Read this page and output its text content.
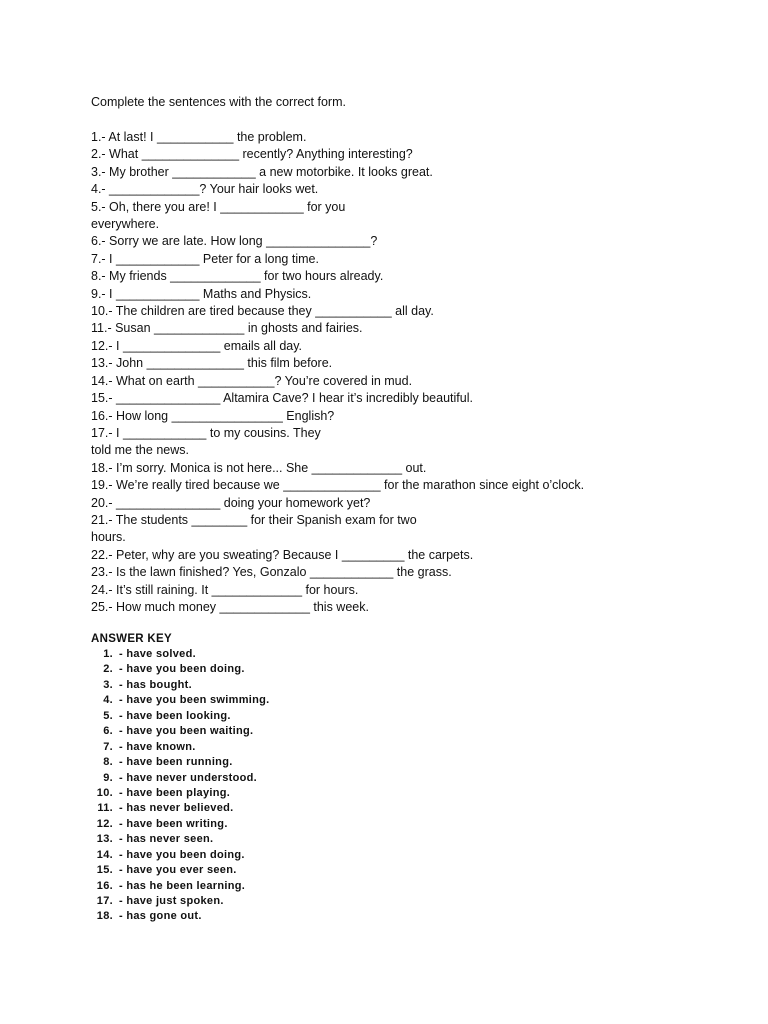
Complete the sentences with the correct form.
1.- At last! I ___________ the problem.
2.- What ______________ recently? Anything interesting?
3.- My brother ____________ a new motorbike. It looks great.
4.- _____________? Your hair looks wet.
5.- Oh, there you are! I ____________ for you
everywhere.
6.- Sorry we are late. How long _______________?
7.- I ____________ Peter for a long time.
8.- My friends _____________ for two hours already.
9.- I ____________ Maths and Physics.
10.- The children are tired because they ___________ all day.
11.- Susan _____________ in ghosts and fairies.
12.- I ______________ emails all day.
13.- John ______________ this film before.
14.- What on earth ___________? You’re covered in mud.
15.- _______________ Altamira Cave? I hear it’s incredibly beautiful.
16.- How long ________________ English?
17.- I ____________ to my cousins. They
told me the news.
18.- I’m sorry. Monica is not here... She _____________ out.
19.- We’re really tired because we ______________ for the marathon since eight o’clock.
20.- _______________ doing your homework yet?
21.- The students ________ for their Spanish exam for two
hours.
22.- Peter, why are you sweating? Because I _________ the carpets.
23.- Is the lawn finished? Yes, Gonzalo ____________ the grass.
24.- It’s still raining. It _____________ for hours.
25.- How much money _____________ this week.
ANSWER KEY
1. - have solved.
2. - have you been doing.
3. - has bought.
4. - have you been swimming.
5. - have been looking.
6. - have you been waiting.
7. - have known.
8. - have been running.
9. - have never understood.
10. - have been playing.
11. - has never believed.
12. - have been writing.
13. - has never seen.
14. - have you been doing.
15. - have you ever seen.
16. - has he been learning.
17. - have just spoken.
18. - has gone out.
